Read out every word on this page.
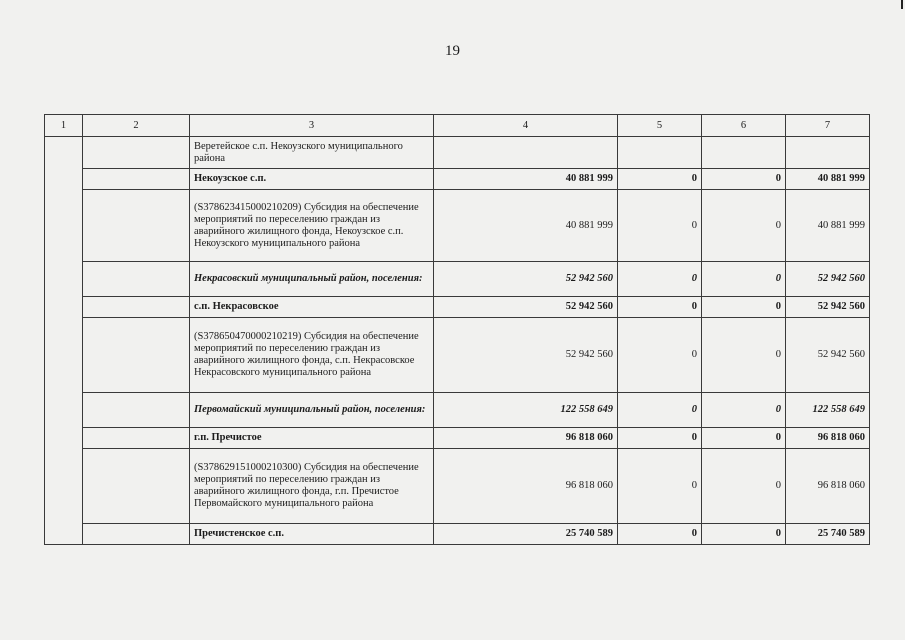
19
1	2	3	4	5	6	7
		Веретейское с.п. Некоузского муниципального района				
		Некоузское с.п.	40 881 999	0	0	40 881 999
		(S378623415000210209) Субсидия на обеспечение мероприятий по переселению граждан из аварийного жилищного фонда, Некоузское с.п. Некоузского муниципального района	40 881 999	0	0	40 881 999
		Некрасовский муниципальный район, поселения:	52 942 560	0	0	52 942 560
		с.п. Некрасовское	52 942 560	0	0	52 942 560
		(S378650470000210219) Субсидия на обеспечение мероприятий по переселению граждан из аварийного жилищного фонда, с.п. Некрасовское Некрасовского муниципального района	52 942 560	0	0	52 942 560
		Первомайский муниципальный район, поселения:	122 558 649	0	0	122 558 649
		г.п. Пречистое	96 818 060	0	0	96 818 060
		(S378629151000210300) Субсидия на обеспечение мероприятий по переселению граждан из аварийного жилищного фонда, г.п. Пречистое Первомайского муниципального района	96 818 060	0	0	96 818 060
		Пречистенское с.п.	25 740 589	0	0	25 740 589
